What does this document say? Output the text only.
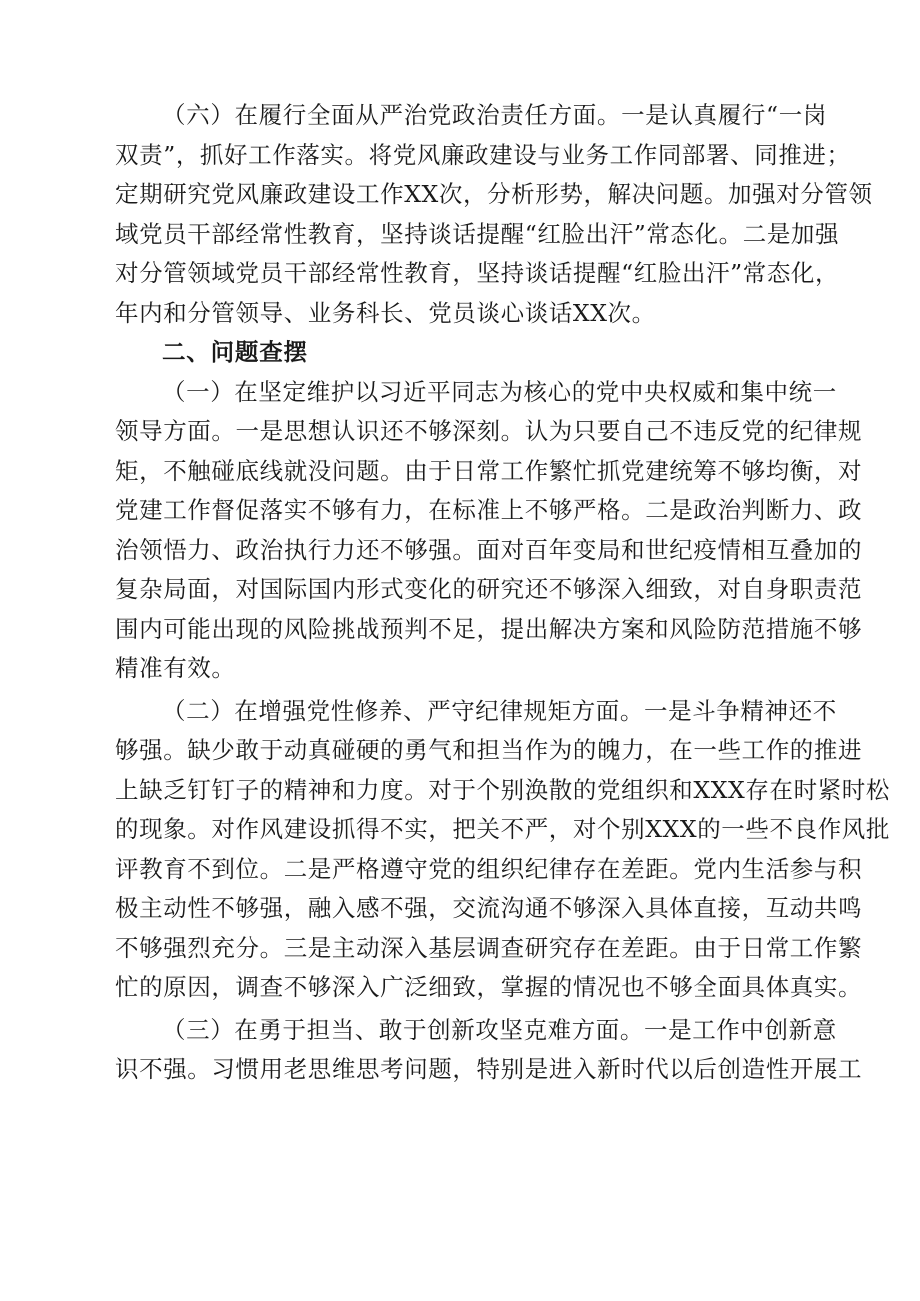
（六）在履行全面从严治党政治责任方面。一是认真履行“一岗
双责”，抓好工作落实。将党风廉政建设与业务工作同部署、同推进；
定期研究党风廉政建设工作XX次，分析形势，解决问题。加强对分管领
域党员干部经常性教育，坚持谈话提醒“红脸出汗”常态化。二是加强
对分管领域党员干部经常性教育，坚持谈话提醒“红脸出汗”常态化，
年内和分管领导、业务科长、党员谈心谈话XX次。
二、问题查摆
（一）在坚定维护以习近平同志为核心的党中央权威和集中统一
领导方面。一是思想认识还不够深刻。认为只要自己不违反党的纪律规
矩，不触碰底线就没问题。由于日常工作繁忙抓党建统筹不够均衡，对
党建工作督促落实不够有力，在标准上不够严格。二是政治判断力、政
治领悟力、政治执行力还不够强。面对百年变局和世纪疫情相互叠加的
复杂局面，对国际国内形式变化的研究还不够深入细致，对自身职责范
围内可能出现的风险挑战预判不足，提出解决方案和风险防范措施不够
精准有效。
（二）在增强党性修养、严守纪律规矩方面。一是斗争精神还不
够强。缺少敢于动真碰硬的勇气和担当作为的魄力，在一些工作的推进
上缺乏钉钉子的精神和力度。对于个别涣散的党组织和XXX存在时紧时松
的现象。对作风建设抓得不实，把关不严，对个别XXX的一些不良作风批
评教育不到位。二是严格遵守党的组织纪律存在差距。党内生活参与积
极主动性不够强，融入感不强，交流沟通不够深入具体直接，互动共鸣
不够强烈充分。三是主动深入基层调查研究存在差距。由于日常工作繁
忙的原因，调查不够深入广泛细致，掌握的情况也不够全面具体真实。
（三）在勇于担当、敢于创新攻坚克难方面。一是工作中创新意
识不强。习惯用老思维思考问题，特别是进入新时代以后创造性开展工
